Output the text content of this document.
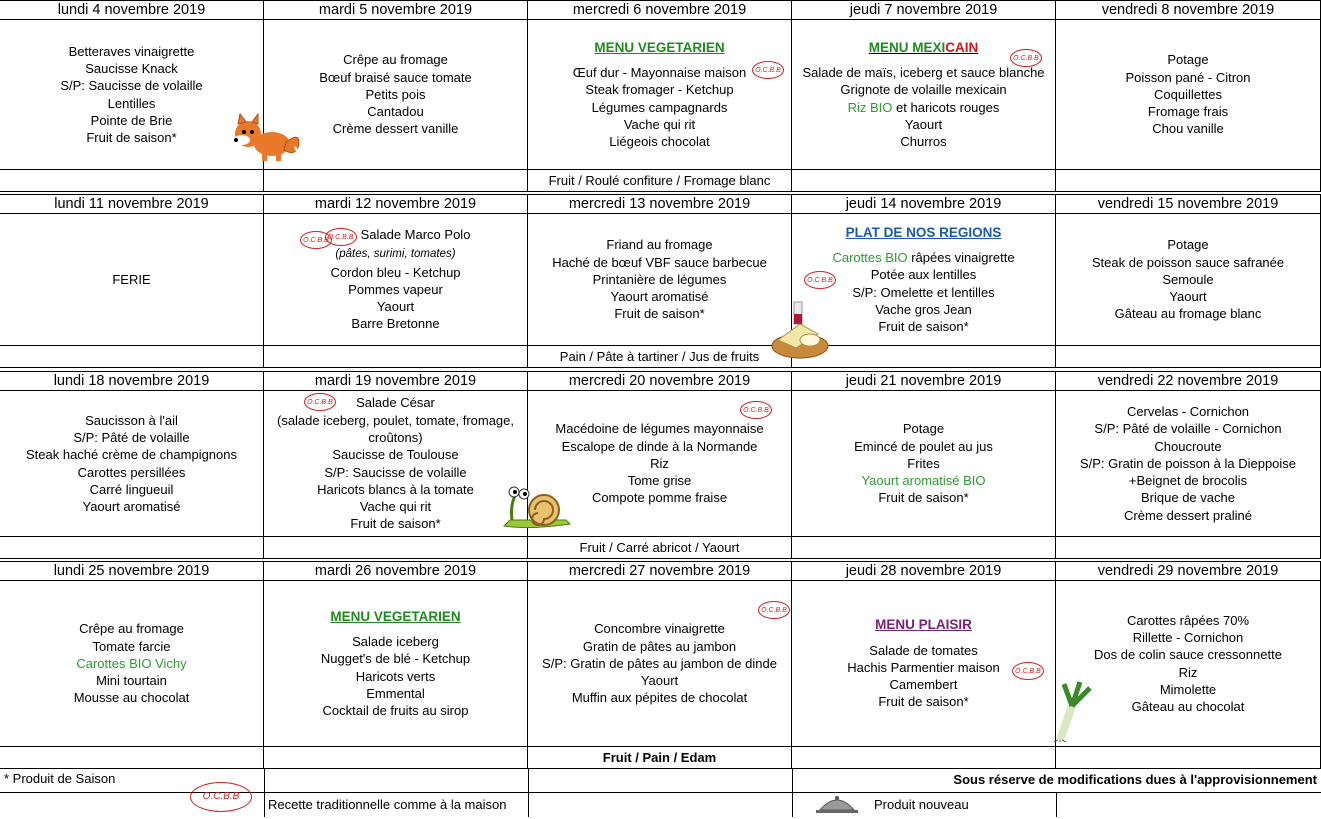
lundi 4 novembre 2019
Betteraves vinaigrette
Saucisse Knack
S/P: Saucisse de volaille
Lentilles
Pointe de Brie
Fruit de saison*
mardi 5 novembre 2019
Crêpe au fromage
Bœuf braisé sauce tomate
Petits pois
Cantadou
Crème dessert vanille
mercredi 6 novembre 2019
MENU VEGETARIEN
Œuf dur - Mayonnaise maison
Steak fromager - Ketchup
Légumes campagnards
Vache qui rit
Liégeois chocolat
jeudi 7 novembre 2019
MENU MEXICAIN
Salade de maïs, iceberg et sauce blanche
Grignote de volaille mexicain
Riz BIO et haricots rouges
Yaourt
Churros
vendredi 8 novembre 2019
Potage
Poisson pané - Citron
Coquillettes
Fromage frais
Chou vanille
Fruit / Roulé confiture / Fromage blanc
lundi 11 novembre 2019
FERIE
mardi 12 novembre 2019
O.C.B.B Salade Marco Polo
(pâtes, surimi, tomates)
Cordon bleu - Ketchup
Pommes vapeur
Yaourt
Barre Bretonne
mercredi 13 novembre 2019
Friand au fromage
Haché de bœuf VBF sauce barbecue
Printanière de légumes
Yaourt aromatisé
Fruit de saison*
jeudi 14 novembre 2019
PLAT DE NOS REGIONS
Carottes BIO râpées vinaigrette
Potée aux lentilles
S/P: Omelette et lentilles
Vache gros Jean
Fruit de saison*
vendredi 15 novembre 2019
Potage
Steak de poisson sauce safranée
Semoule
Yaourt
Gâteau au fromage blanc
Pain / Pâte à tartiner / Jus de fruits
lundi 18 novembre 2019
Saucisson à l'ail
S/P: Pâté de volaille
Steak haché crème de champignons
Carottes persillées
Carré lingueuil
Yaourt aromatisé
mardi 19 novembre 2019
Salade César
(salade iceberg, poulet, tomate, fromage,
croûtons)
Saucisse de Toulouse
S/P: Saucisse de volaille
Haricots blancs à la tomate
Vache qui rit
Fruit de saison*
mercredi 20 novembre 2019
Macédoine de légumes mayonnaise
Escalope de dinde à la Normande
Riz
Tome grise
Compote pomme fraise
jeudi 21 novembre 2019
Potage
Emincé de poulet au jus
Frites
Yaourt aromatisé BIO
Fruit de saison*
vendredi 22 novembre 2019
Cervelas - Cornichon
S/P: Pâté de volaille - Cornichon
Choucroute
S/P: Gratin de poisson à la Dieppoise
+Beignet de brocolis
Brique de vache
Crème dessert praliné
Fruit / Carré abricot / Yaourt
lundi 25 novembre 2019
Crêpe au fromage
Tomate farcie
Carottes BIO Vichy
Mini tourtain
Mousse au chocolat
mardi 26 novembre 2019
MENU VEGETARIEN
Salade iceberg
Nugget's de blé - Ketchup
Haricots verts
Emmental
Cocktail de fruits au sirop
mercredi 27 novembre 2019
Concombre vinaigrette
Gratin de pâtes au jambon
S/P: Gratin de pâtes au jambon de dinde
Yaourt
Muffin aux pépites de chocolat
jeudi 28 novembre 2019
MENU PLAISIR
Salade de tomates
Hachis Parmentier maison
Camembert
Fruit de saison*
vendredi 29 novembre 2019
Carottes râpées 70%
Rillette - Cornichon
Dos de colin sauce cressonnette
Riz
Mimolette
Gâteau au chocolat
Fruit / Pain / Edam
* Produit de Saison	Sous réserve de modifications dues à l'approvisionnement
O.C.B.B
Recette traditionnelle comme à la maison	Produit nouveau
O.C.B.B
O.C.B.B
O.C.B.B
O.C.B.B
O.C.B.B
O.C.B.B
O.C.B.B
O.C.B.B
